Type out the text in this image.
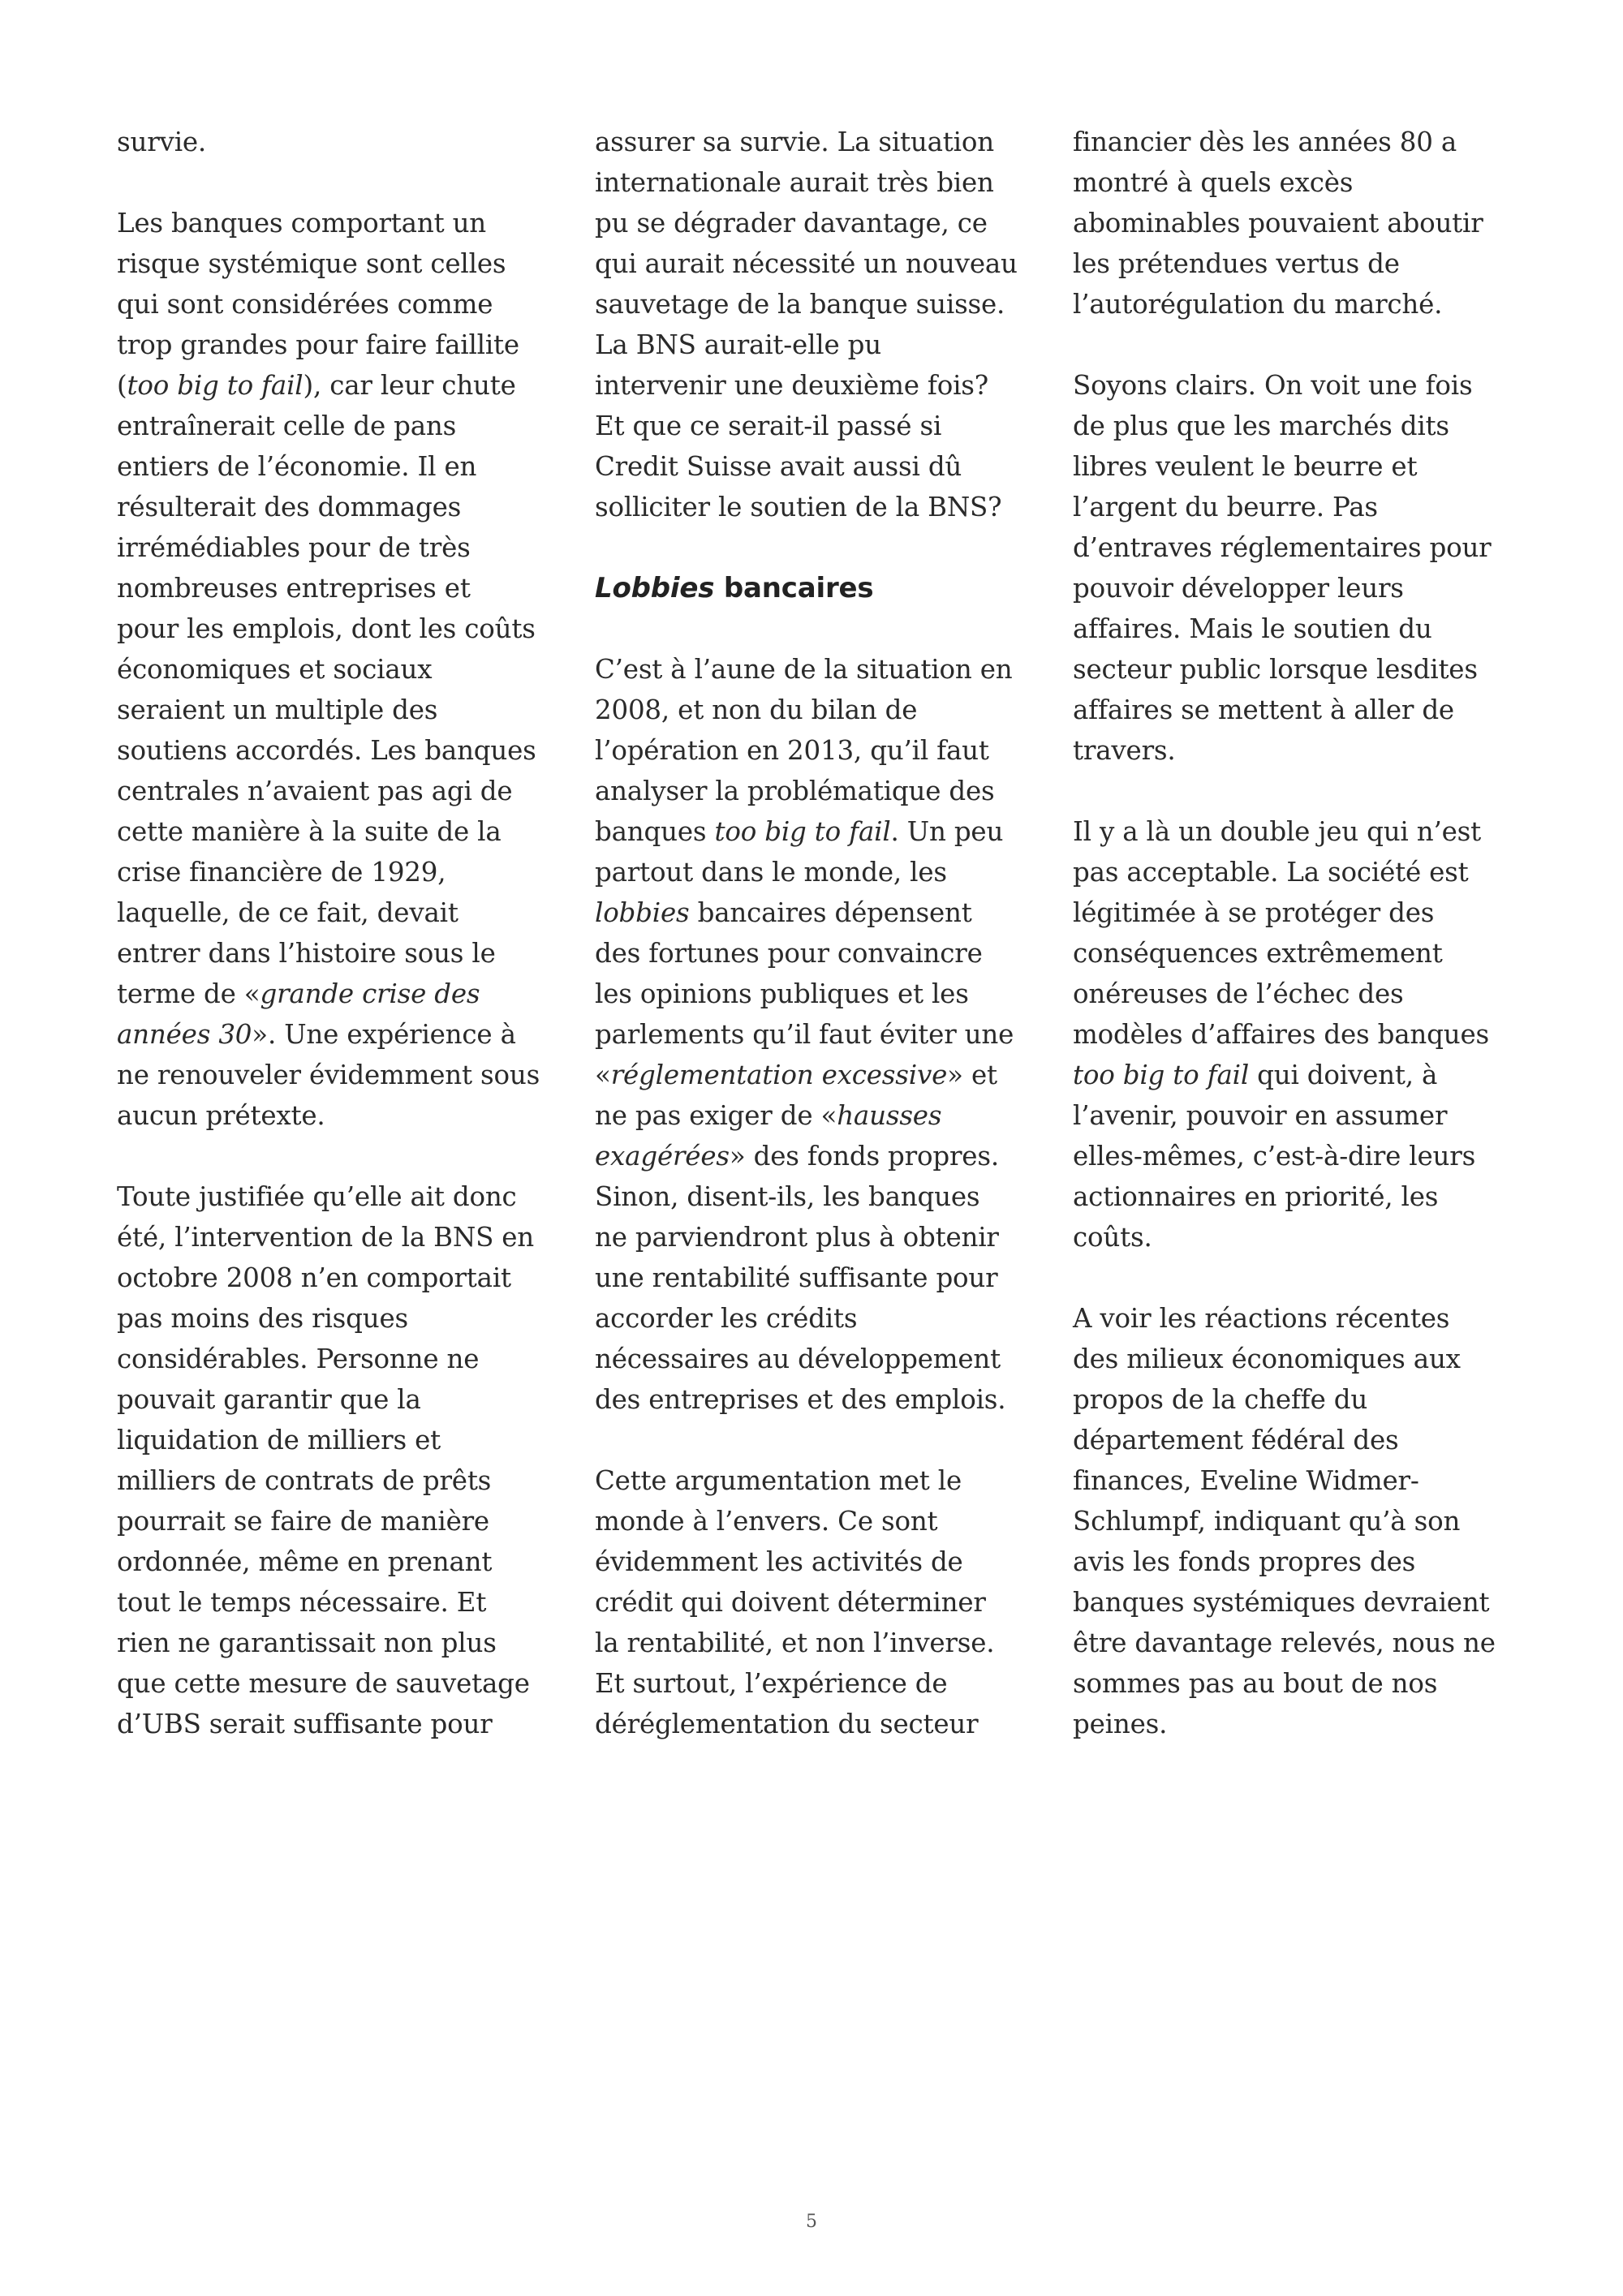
survie.
Les banques comportant un
risque systémique sont celles
qui sont considérées comme
trop grandes pour faire faillite
(too big to fail), car leur chute
entraînerait celle de pans
entiers de l’économie. Il en
résulterait des dommages
irrémédiables pour de très
nombreuses entreprises et
pour les emplois, dont les coûts
économiques et sociaux
seraient un multiple des
soutiens accordés. Les banques
centrales n’avaient pas agi de
cette manière à la suite de la
crise financière de 1929,
laquelle, de ce fait, devait
entrer dans l’histoire sous le
terme de «grande crise des
années 30». Une expérience à
ne renouveler évidemment sous
aucun prétexte.
Toute justifiée qu’elle ait donc
été, l’intervention de la BNS en
octobre 2008 n’en comportait
pas moins des risques
considérables. Personne ne
pouvait garantir que la
liquidation de milliers et
milliers de contrats de prêts
pourrait se faire de manière
ordonnée, même en prenant
tout le temps nécessaire. Et
rien ne garantissait non plus
que cette mesure de sauvetage
d’UBS serait suffisante pour
assurer sa survie. La situation
internationale aurait très bien
pu se dégrader davantage, ce
qui aurait nécessité un nouveau
sauvetage de la banque suisse.
La BNS aurait-elle pu
intervenir une deuxième fois?
Et que ce serait-il passé si
Credit Suisse avait aussi dû
solliciter le soutien de la BNS?
Lobbies bancaires
C’est à l’aune de la situation en
2008, et non du bilan de
l’opération en 2013, qu’il faut
analyser la problématique des
banques too big to fail. Un peu
partout dans le monde, les
lobbies bancaires dépensent
des fortunes pour convaincre
les opinions publiques et les
parlements qu’il faut éviter une
«réglementation excessive» et
ne pas exiger de «hausses
exagérées» des fonds propres.
Sinon, disent-ils, les banques
ne parviendront plus à obtenir
une rentabilité suffisante pour
accorder les crédits
nécessaires au développement
des entreprises et des emplois.
Cette argumentation met le
monde à l’envers. Ce sont
évidemment les activités de
crédit qui doivent déterminer
la rentabilité, et non l’inverse.
Et surtout, l’expérience de
déréglementation du secteur
financier dès les années 80 a
montré à quels excès
abominables pouvaient aboutir
les prétendues vertus de
l’autorégulation du marché.
Soyons clairs. On voit une fois
de plus que les marchés dits
libres veulent le beurre et
l’argent du beurre. Pas
d’entraves réglementaires pour
pouvoir développer leurs
affaires. Mais le soutien du
secteur public lorsque lesdites
affaires se mettent à aller de
travers.
Il y a là un double jeu qui n’est
pas acceptable. La société est
légitimée à se protéger des
conséquences extrêmement
onéreuses de l’échec des
modèles d’affaires des banques
too big to fail qui doivent, à
l’avenir, pouvoir en assumer
elles-mêmes, c’est-à-dire leurs
actionnaires en priorité, les
coûts.
A voir les réactions récentes
des milieux économiques aux
propos de la cheffe du
département fédéral des
finances, Eveline Widmer-
Schlumpf, indiquant qu’à son
avis les fonds propres des
banques systémiques devraient
être davantage relevés, nous ne
sommes pas au bout de nos
peines.
5
